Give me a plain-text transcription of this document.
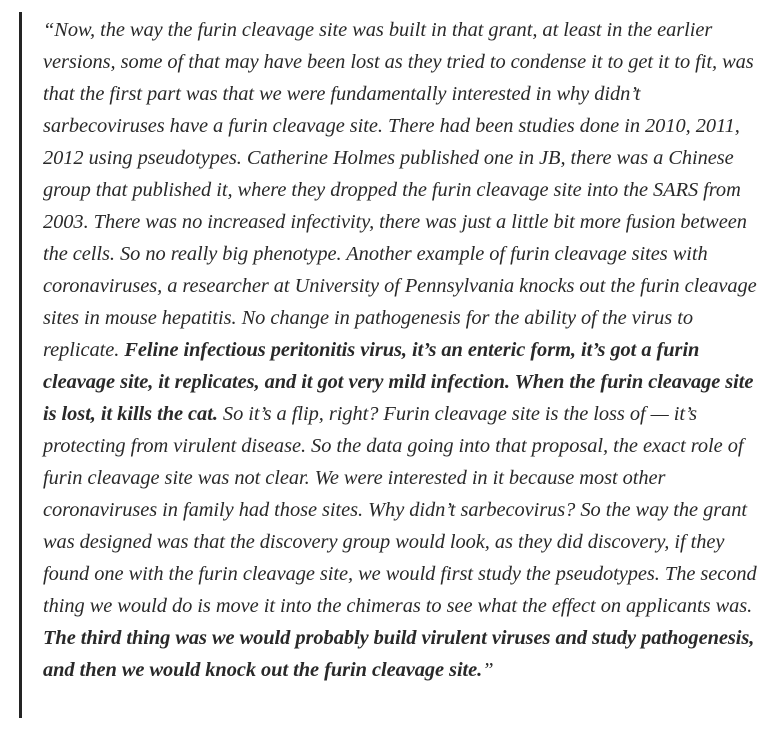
“Now, the way the furin cleavage site was built in that grant, at least in the earlier versions, some of that may have been lost as they tried to condense it to get it to fit, was that the first part was that we were fundamentally interested in why didn’t sarbecoviruses have a furin cleavage site. There had been studies done in 2010, 2011, 2012 using pseudotypes. Catherine Holmes published one in JB, there was a Chinese group that published it, where they dropped the furin cleavage site into the SARS from 2003. There was no increased infectivity, there was just a little bit more fusion between the cells. So no really big phenotype. Another example of furin cleavage sites with coronaviruses, a researcher at University of Pennsylvania knocks out the furin cleavage sites in mouse hepatitis. No change in pathogenesis for the ability of the virus to replicate. Feline infectious peritonitis virus, it’s an enteric form, it’s got a furin cleavage site, it replicates, and it got very mild infection. When the furin cleavage site is lost, it kills the cat. So it’s a flip, right? Furin cleavage site is the loss of — it’s protecting from virulent disease. So the data going into that proposal, the exact role of furin cleavage site was not clear. We were interested in it because most other coronaviruses in family had those sites. Why didn’t sarbecovirus? So the way the grant was designed was that the discovery group would look, as they did discovery, if they found one with the furin cleavage site, we would first study the pseudotypes. The second thing we would do is move it into the chimeras to see what the effect on applicants was. The third thing was we would probably build virulent viruses and study pathogenesis, and then we would knock out the furin cleavage site.”
